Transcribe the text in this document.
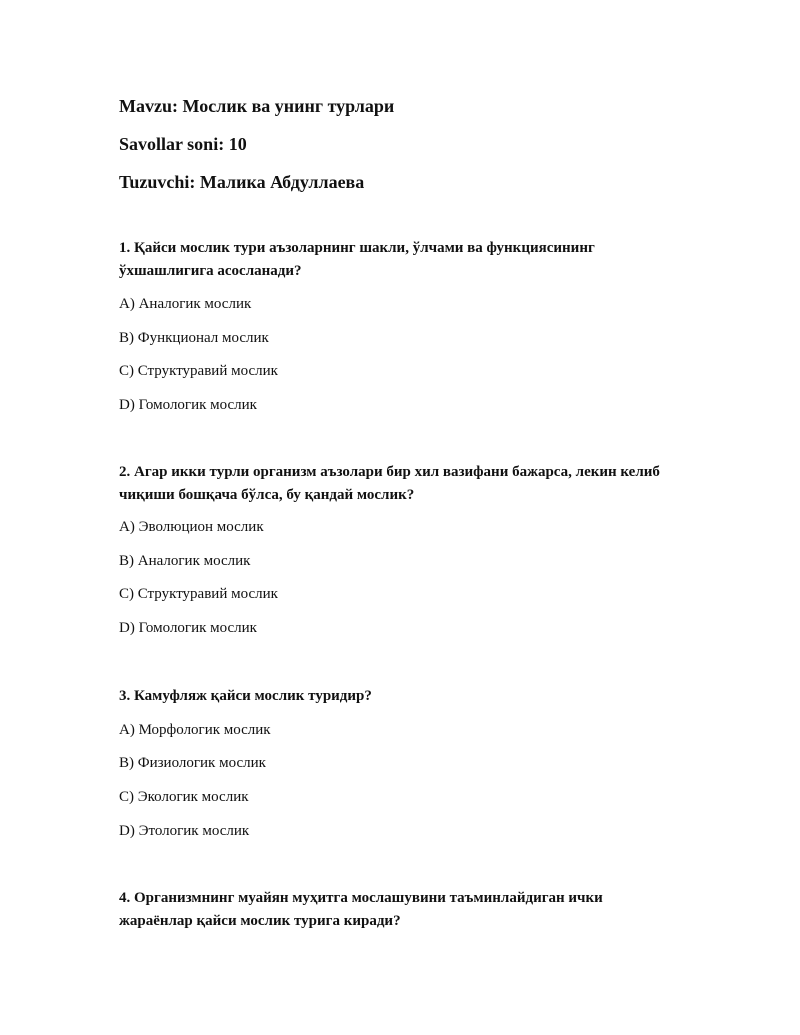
Mavzu: Мослик ва унинг турлари
Savollar soni: 10
Tuzuvchi: Малика Абдуллаева
1. Қайси мослик тури аъзоларнинг шакли, ўлчами ва функциясининг ўхшашлигига асосланади?
A) Аналогик мослик
B) Функционал мослик
C) Структуравий мослик
D) Гомологик мослик
2. Агар икки турли организм аъзолари бир хил вазифани бажарса, лекин келиб чиқиши бошқача бўлса, бу қандай мослик?
A) Эволюцион мослик
B) Аналогик мослик
C) Структуравий мослик
D) Гомологик мослик
3. Камуфляж қайси мослик туридир?
A) Морфологик мослик
B) Физиологик мослик
C) Экологик мослик
D) Этологик мослик
4. Организмнинг муайян муҳитга мослашувини таъминлайдиган ички жараёнлар қайси мослик турига киради?
